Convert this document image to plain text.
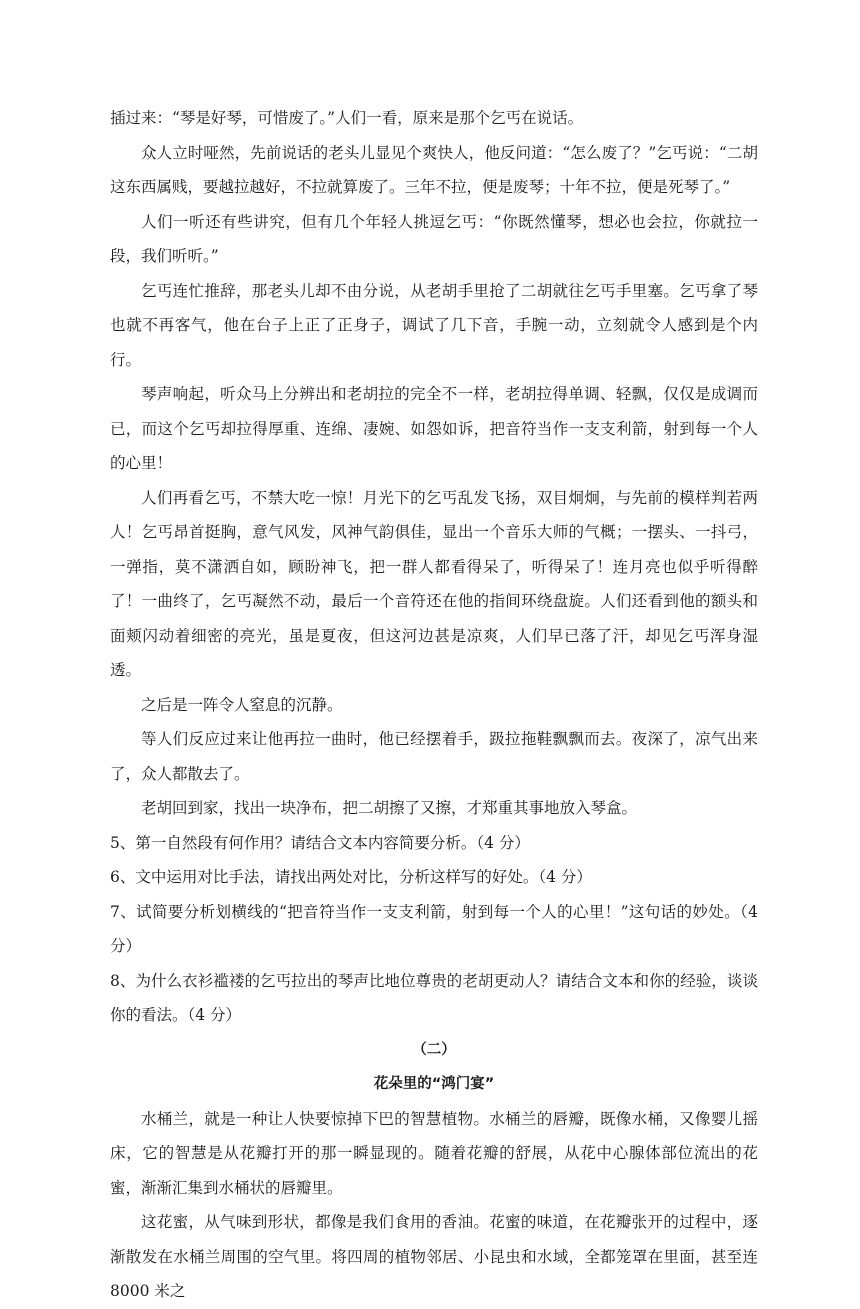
插过来：“琴是好琴，可惜废了。”人们一看，原来是那个乞丐在说话。

众人立时哑然，先前说话的老头儿显见个爽快人，他反问道：“怎么废了？”乞丐说：“二胡这东西属贱，要越拉越好，不拉就算废了。三年不拉，便是废琴；十年不拉，便是死琴了。”

人们一听还有些讲究，但有几个年轻人挑逗乞丐：“你既然懂琴，想必也会拉，你就拉一段，我们听听。”

乞丐连忙推辞，那老头儿却不由分说，从老胡手里抢了二胡就往乞丐手里塞。乞丐拿了琴也就不再客气，他在台子上正了正身子，调试了几下音，手腕一动，立刻就令人感到是个内行。

琴声响起，听众马上分辨出和老胡拉的完全不一样，老胡拉得单调、轻飘，仅仅是成调而已，而这个乞丐却拉得厚重、连绵、凄婉、如怨如诉，把音符当作一支支利箭，射到每一个人的心里！

人们再看乞丐，不禁大吃一惊！月光下的乞丐乱发飞扬，双目炯炯，与先前的模样判若两人！乞丐昂首挺胸，意气风发，风神气韵俱佳，显出一个音乐大师的气概；一摆头、一抖弓，一弹指，莫不潇洒自如，顾盼神飞，把一群人都看得呆了，听得呆了！连月亮也似乎听得醉了！一曲终了，乞丐凝然不动，最后一个音符还在他的指间环绕盘旋。人们还看到他的额头和面颊闪动着细密的亮光，虽是夏夜，但这河边甚是凉爽，人们早已落了汗，却见乞丐浑身湿透。

之后是一阵令人窒息的沉静。

等人们反应过来让他再拉一曲时，他已经摆着手，趿拉拖鞋飘飘而去。夜深了，凉气出来了，众人都散去了。

老胡回到家，找出一块净布，把二胡擦了又擦，才郑重其事地放入琴盒。

5、第一自然段有何作用？请结合文本内容简要分析。（4 分）

6、文中运用对比手法，请找出两处对比，分析这样写的好处。（4 分）

7、试简要分析划横线的“把音符当作一支支利箭，射到每一个人的心里！”这句话的妙处。（4 分）

8、为什么衣衫褴褛的乞丐拉出的琴声比地位尊贵的老胡更动人？请结合文本和你的经验，谈谈你的看法。（4 分）

（二）

花朵里的“鸿门宴”

水桶兰，就是一种让人快要惊掉下巴的智慧植物。水桶兰的唇瓣，既像水桶，又像婴儿摇床，它的智慧是从花瓣打开的那一瞬显现的。随着花瓣的舒展，从花中心腺体部位流出的花蜜，渐渐汇集到水桶状的唇瓣里。

这花蜜，从气味到形状，都像是我们食用的香油。花蜜的味道，在花瓣张开的过程中，逐渐散发在水桶兰周围的空气里。将四周的植物邻居、小昆虫和水域，全都笼罩在里面，甚至连 8000 米之
